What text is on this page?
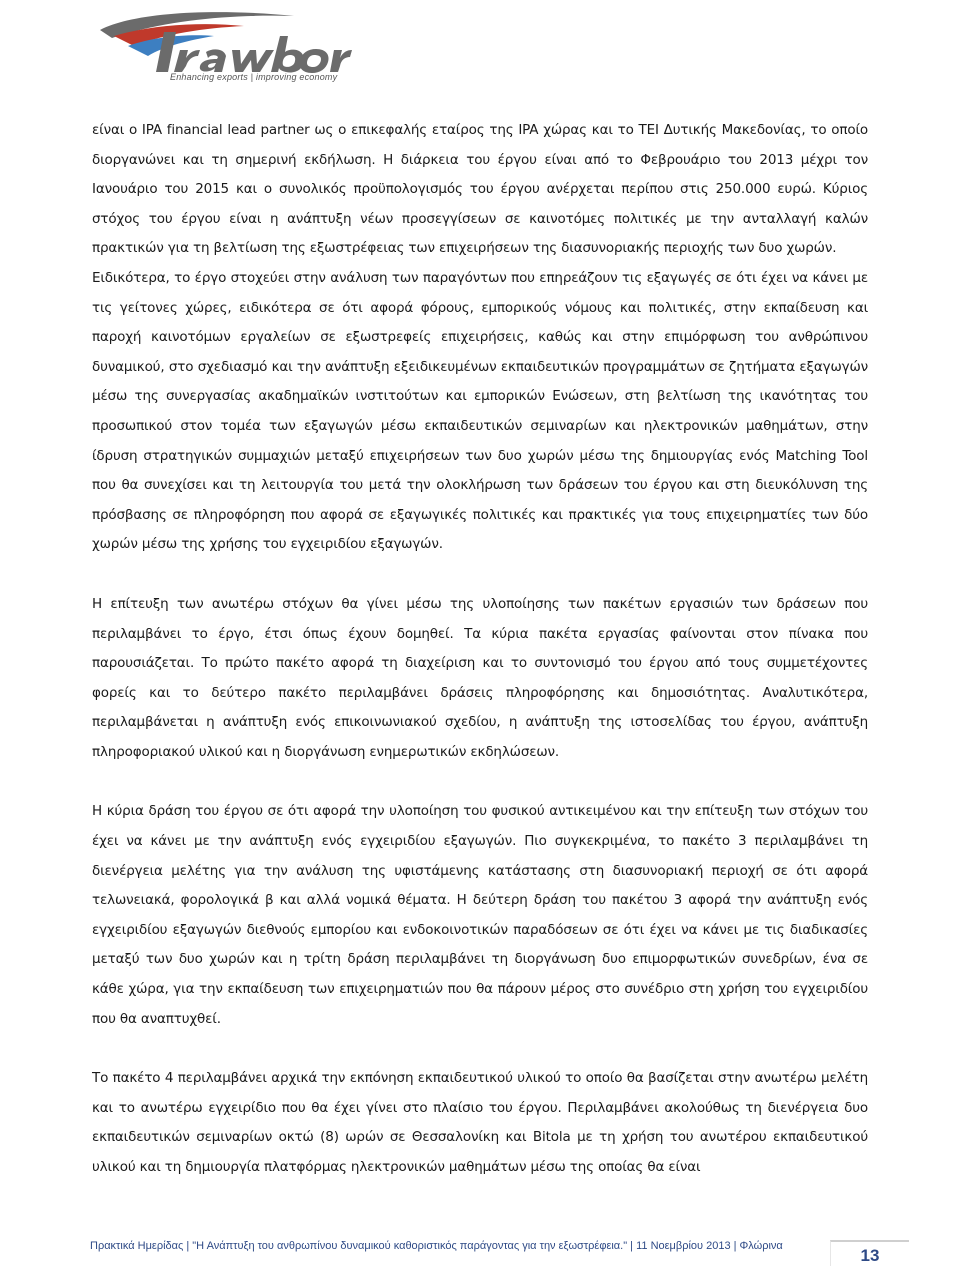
Enhancing exports | improving economy

είναι ο IPA financial lead partner ως ο επικεφαλής εταίρος της IPA χώρας και το ΤΕΙ Δυτικής Μακεδονίας, το οποίο διοργανώνει και τη σημερινή εκδήλωση. Η διάρκεια του έργου είναι από το Φεβρουάριο του 2013 μέχρι τον Ιανουάριο του 2015 και ο συνολικός προϋπολογισμός του έργου ανέρχεται περίπου στις 250.000 ευρώ. Κύριος στόχος του έργου είναι η ανάπτυξη νέων προσεγγίσεων σε καινοτόμες πολιτικές με την ανταλλαγή καλών πρακτικών για τη βελτίωση της εξωστρέφειας των επιχειρήσεων της διασυνοριακής περιοχής των δυο χωρών.

Ειδικότερα, το έργο στοχεύει στην ανάλυση των παραγόντων που επηρεάζουν τις εξαγωγές σε ότι έχει να κάνει με τις γείτονες χώρες, ειδικότερα σε ότι αφορά φόρους, εμπορικούς νόμους και πολιτικές, στην εκπαίδευση και παροχή καινοτόμων εργαλείων σε εξωστρεφείς επιχειρήσεις, καθώς και στην επιμόρφωση του ανθρώπινου δυναμικού, στο σχεδιασμό και την ανάπτυξη εξειδικευμένων εκπαιδευτικών προγραμμάτων σε ζητήματα εξαγωγών μέσω της συνεργασίας ακαδημαϊκών ινστιτούτων και εμπορικών Ενώσεων, στη βελτίωση της ικανότητας του προσωπικού στον τομέα των εξαγωγών μέσω εκπαιδευτικών σεμιναρίων και ηλεκτρονικών μαθημάτων, στην ίδρυση στρατηγικών συμμαχιών μεταξύ επιχειρήσεων των δυο χωρών μέσω της δημιουργίας ενός Matching Tool που θα συνεχίσει και τη λειτουργία του μετά την ολοκλήρωση των δράσεων του έργου και στη διευκόλυνση της πρόσβασης σε πληροφόρηση που αφορά σε εξαγωγικές πολιτικές και πρακτικές για τους επιχειρηματίες των δύο χωρών μέσω της χρήσης του εγχειριδίου εξαγωγών.

Η επίτευξη των ανωτέρω στόχων θα γίνει μέσω της υλοποίησης των πακέτων εργασιών των δράσεων που περιλαμβάνει το έργο, έτσι όπως έχουν δομηθεί. Τα κύρια πακέτα εργασίας φαίνονται στον πίνακα που παρουσιάζεται. Το πρώτο πακέτο αφορά τη διαχείριση και το συντονισμό του έργου από τους συμμετέχοντες φορείς και το δεύτερο πακέτο περιλαμβάνει δράσεις πληροφόρησης και δημοσιότητας. Αναλυτικότερα, περιλαμβάνεται η ανάπτυξη ενός επικοινωνιακού σχεδίου, η ανάπτυξη της ιστοσελίδας του έργου, ανάπτυξη πληροφοριακού υλικού και η διοργάνωση ενημερωτικών εκδηλώσεων.

Η κύρια δράση του έργου σε ότι αφορά την υλοποίηση του φυσικού αντικειμένου και την επίτευξη των στόχων του έχει να κάνει με την ανάπτυξη ενός εγχειριδίου εξαγωγών. Πιο συγκεκριμένα, το πακέτο 3 περιλαμβάνει τη διενέργεια μελέτης για την ανάλυση της υφιστάμενης κατάστασης στη διασυνοριακή περιοχή σε ότι αφορά τελωνειακά, φορολογικά β και αλλά νομικά θέματα. Η δεύτερη δράση του πακέτου 3 αφορά την ανάπτυξη ενός εγχειριδίου εξαγωγών διεθνούς εμπορίου και ενδοκοινοτικών παραδόσεων σε ότι έχει να κάνει με τις διαδικασίες μεταξύ των δυο χωρών και η τρίτη δράση περιλαμβάνει τη διοργάνωση δυο επιμορφωτικών συνεδρίων, ένα σε κάθε χώρα, για την εκπαίδευση των επιχειρηματιών που θα πάρουν μέρος στο συνέδριο στη χρήση του εγχειριδίου που θα αναπτυχθεί.

Το πακέτο 4 περιλαμβάνει αρχικά την εκπόνηση εκπαιδευτικού υλικού το οποίο θα βασίζεται στην ανωτέρω μελέτη και το ανωτέρω εγχειρίδιο που θα έχει γίνει στο πλαίσιο του έργου. Περιλαμβάνει ακολούθως τη διενέργεια δυο εκπαιδευτικών σεμιναρίων οκτώ (8) ωρών σε Θεσσαλονίκη και Bitola με τη χρήση του ανωτέρου εκπαιδευτικού υλικού και τη δημιουργία πλατφόρμας ηλεκτρονικών μαθημάτων μέσω της οποίας θα είναι

Πρακτικά Ημερίδας | "Η Ανάπτυξη του ανθρωπίνου δυναμικού καθοριστικός παράγοντας για την εξωστρέφεια." | 11 Νοεμβρίου 2013 | Φλώρινα	13
